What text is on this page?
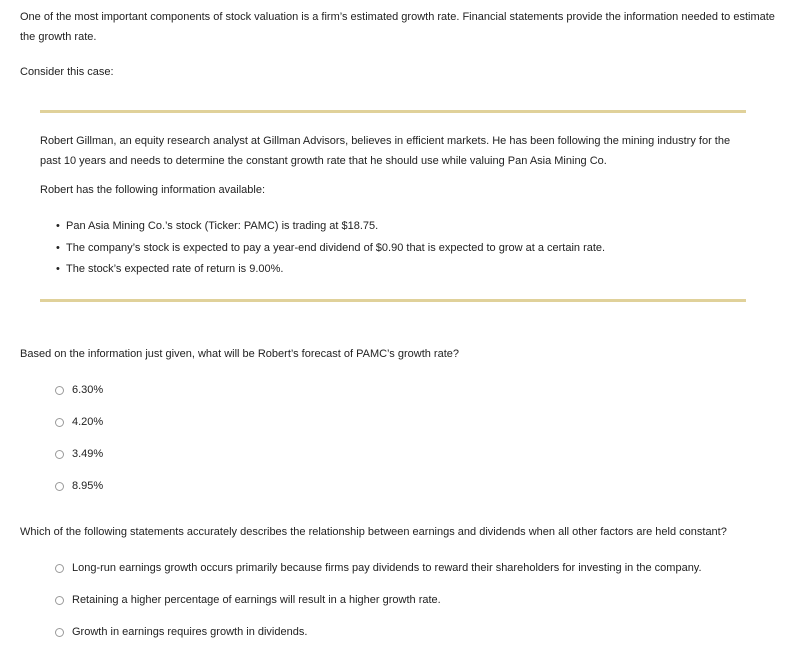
One of the most important components of stock valuation is a firm’s estimated growth rate. Financial statements provide the information needed to estimate the growth rate.

Consider this case:

Robert Gillman, an equity research analyst at Gillman Advisors, believes in efficient markets. He has been following the mining industry for the past 10 years and needs to determine the constant growth rate that he should use while valuing Pan Asia Mining Co.

Robert has the following information available:

• Pan Asia Mining Co.’s stock (Ticker: PAMC) is trading at $18.75.
• The company’s stock is expected to pay a year-end dividend of $0.90 that is expected to grow at a certain rate.
• The stock’s expected rate of return is 9.00%.

Based on the information just given, what will be Robert’s forecast of PAMC’s growth rate?

6.30%
4.20%
3.49%
8.95%

Which of the following statements accurately describes the relationship between earnings and dividends when all other factors are held constant?

Long-run earnings growth occurs primarily because firms pay dividends to reward their shareholders for investing in the company.
Retaining a higher percentage of earnings will result in a higher growth rate.
Growth in earnings requires growth in dividends.
